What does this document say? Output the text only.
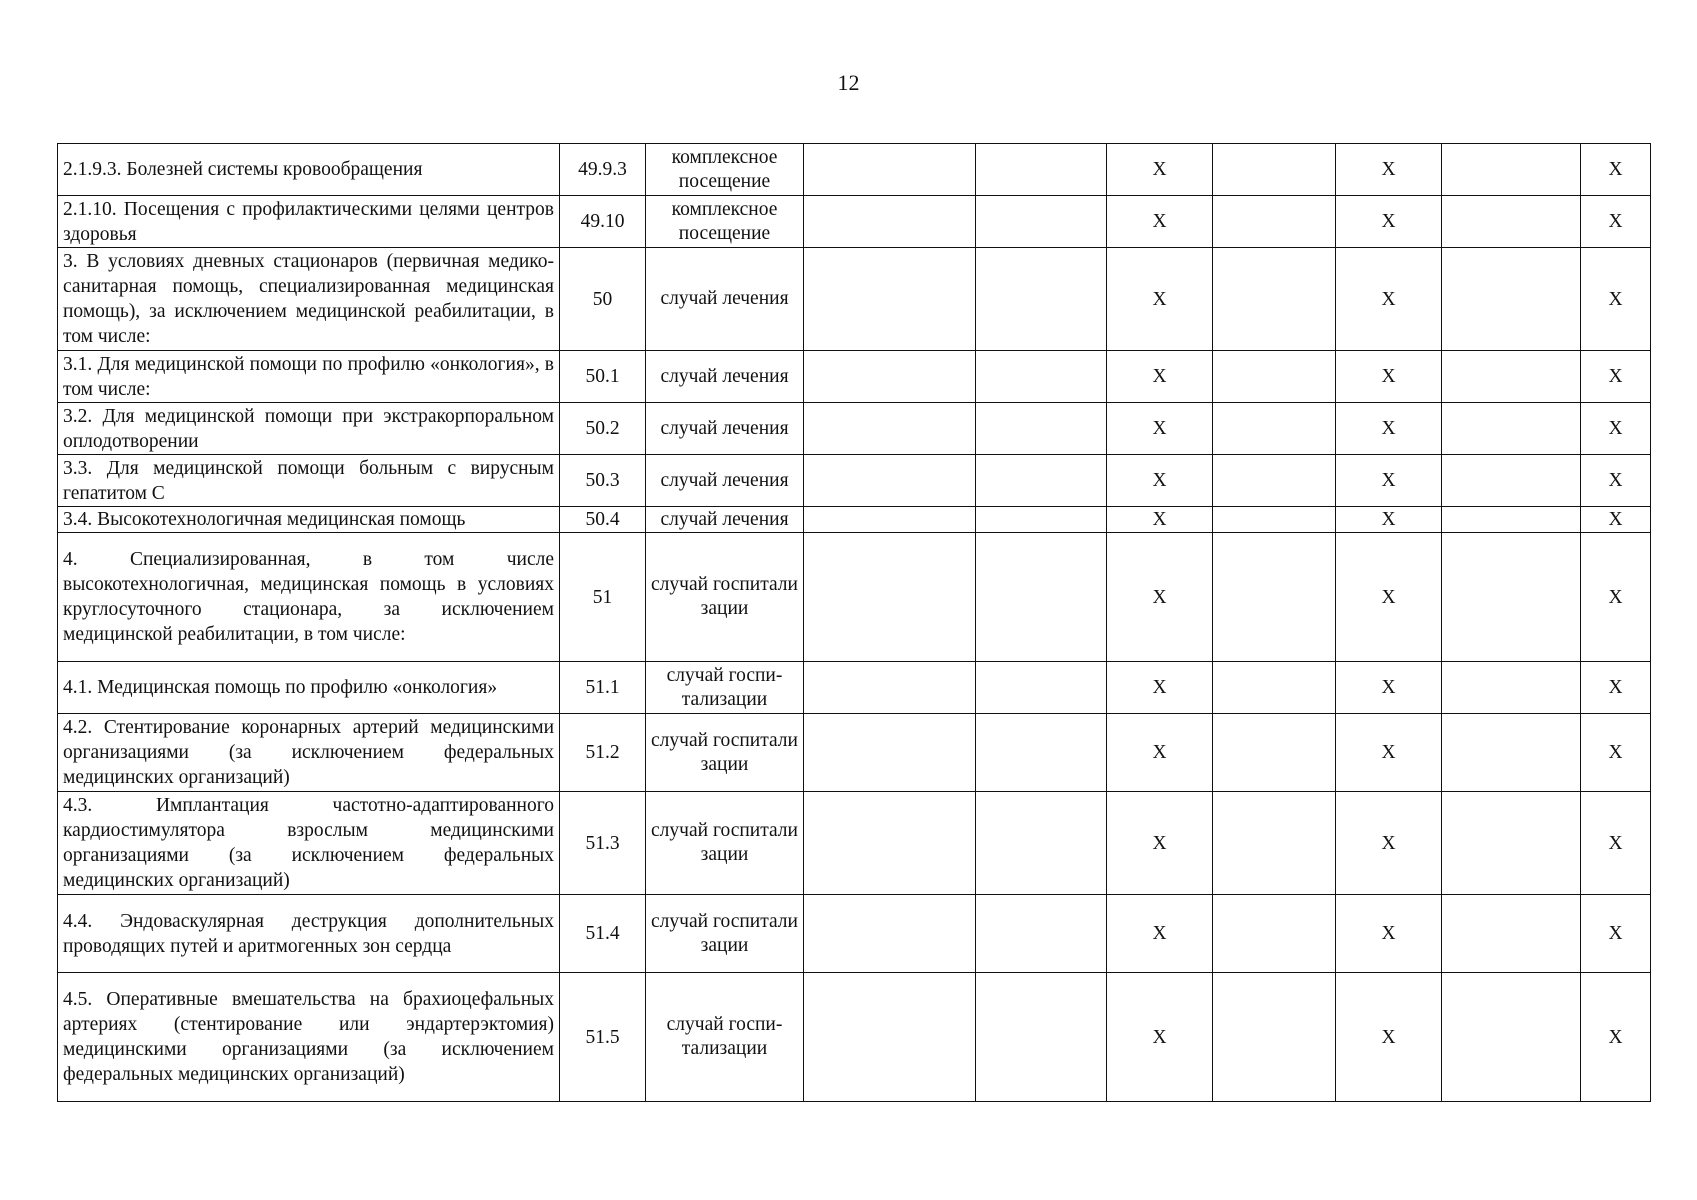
12
2.1.9.3. Болезней системы кровообращения	49.9.3	комплексное посещение			X		X		X
2.1.10. Посещения с профилактическими целями центров здоровья	49.10	комплексное посещение			X		X		X
3. В условиях дневных стационаров (первичная медико-санитарная помощь, специализированная медицинская помощь), за исключением медицинской реабилитации, в том числе:	50	случай лечения			X		X		X
3.1. Для медицинской помощи по профилю «онкология», в том числе:	50.1	случай лечения			X		X		X
3.2. Для медицинской помощи при экстракорпоральном оплодотворении	50.2	случай лечения			X		X		X
3.3. Для медицинской помощи больным с вирусным гепатитом С	50.3	случай лечения			X		X		X
3.4. Высокотехнологичная медицинская помощь	50.4	случай лечения			X		X		X
4. Специализированная, в том числе высокотехнологичная, медицинская помощь в условиях круглосуточного стационара, за исключением медицинской реабилитации, в том числе:	51	случай госпитали зации			X		X		X
4.1. Медицинская помощь по профилю «онкология»	51.1	случай госпи-тализации			X		X		X
4.2. Стентирование коронарных артерий медицинскими организациями (за исключением федеральных медицинских организаций)	51.2	случай госпитали зации			X		X		X
4.3. Имплантация частотно-адаптированного кардиостимулятора взрослым медицинскими организациями (за исключением федеральных медицинских организаций)	51.3	случай госпитали зации			X		X		X
4.4. Эндоваскулярная деструкция дополнительных проводящих путей и аритмогенных зон сердца	51.4	случай госпитали зации			X		X		X
4.5. Оперативные вмешательства на брахиоцефальных артериях (стентирование или эндартерэктомия) медицинскими организациями (за исключением федеральных медицинских организаций)	51.5	случай госпи-тализации			X		X		X
